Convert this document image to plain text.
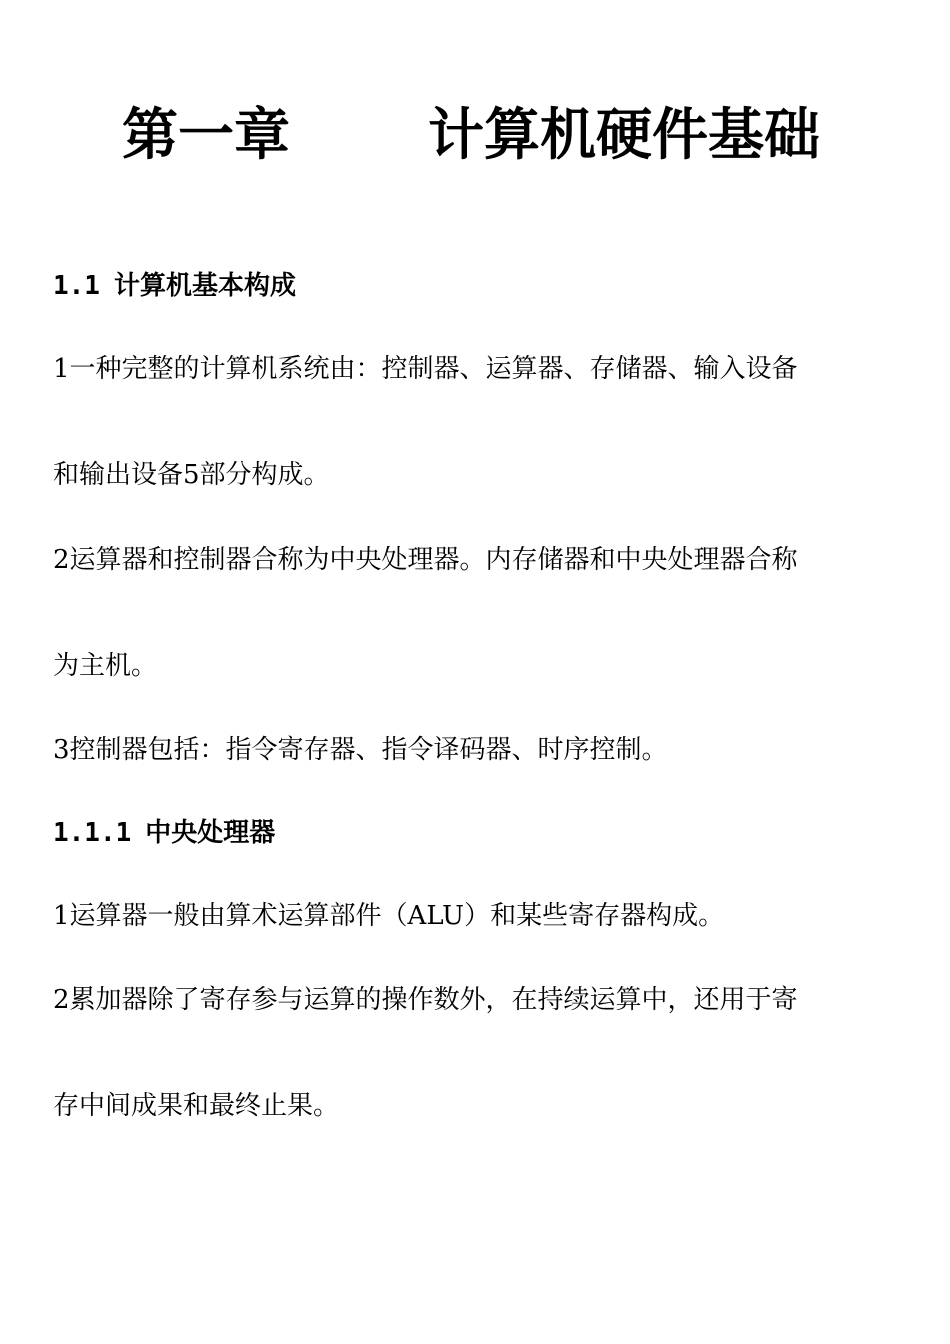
第一章 计算机硬件基础
1.1 计算机基本构成
1一种完整的计算机系统由：控制器、运算器、存储器、输入设备
和输出设备5部分构成。
2运算器和控制器合称为中央处理器。内存储器和中央处理器合称
为主机。
3控制器包括：指令寄存器、指令译码器、时序控制。
1.1.1 中央处理器
1运算器一般由算术运算部件（ALU）和某些寄存器构成。
2累加器除了寄存参与运算的操作数外，在持续运算中，还用于寄
存中间成果和最终止果。
